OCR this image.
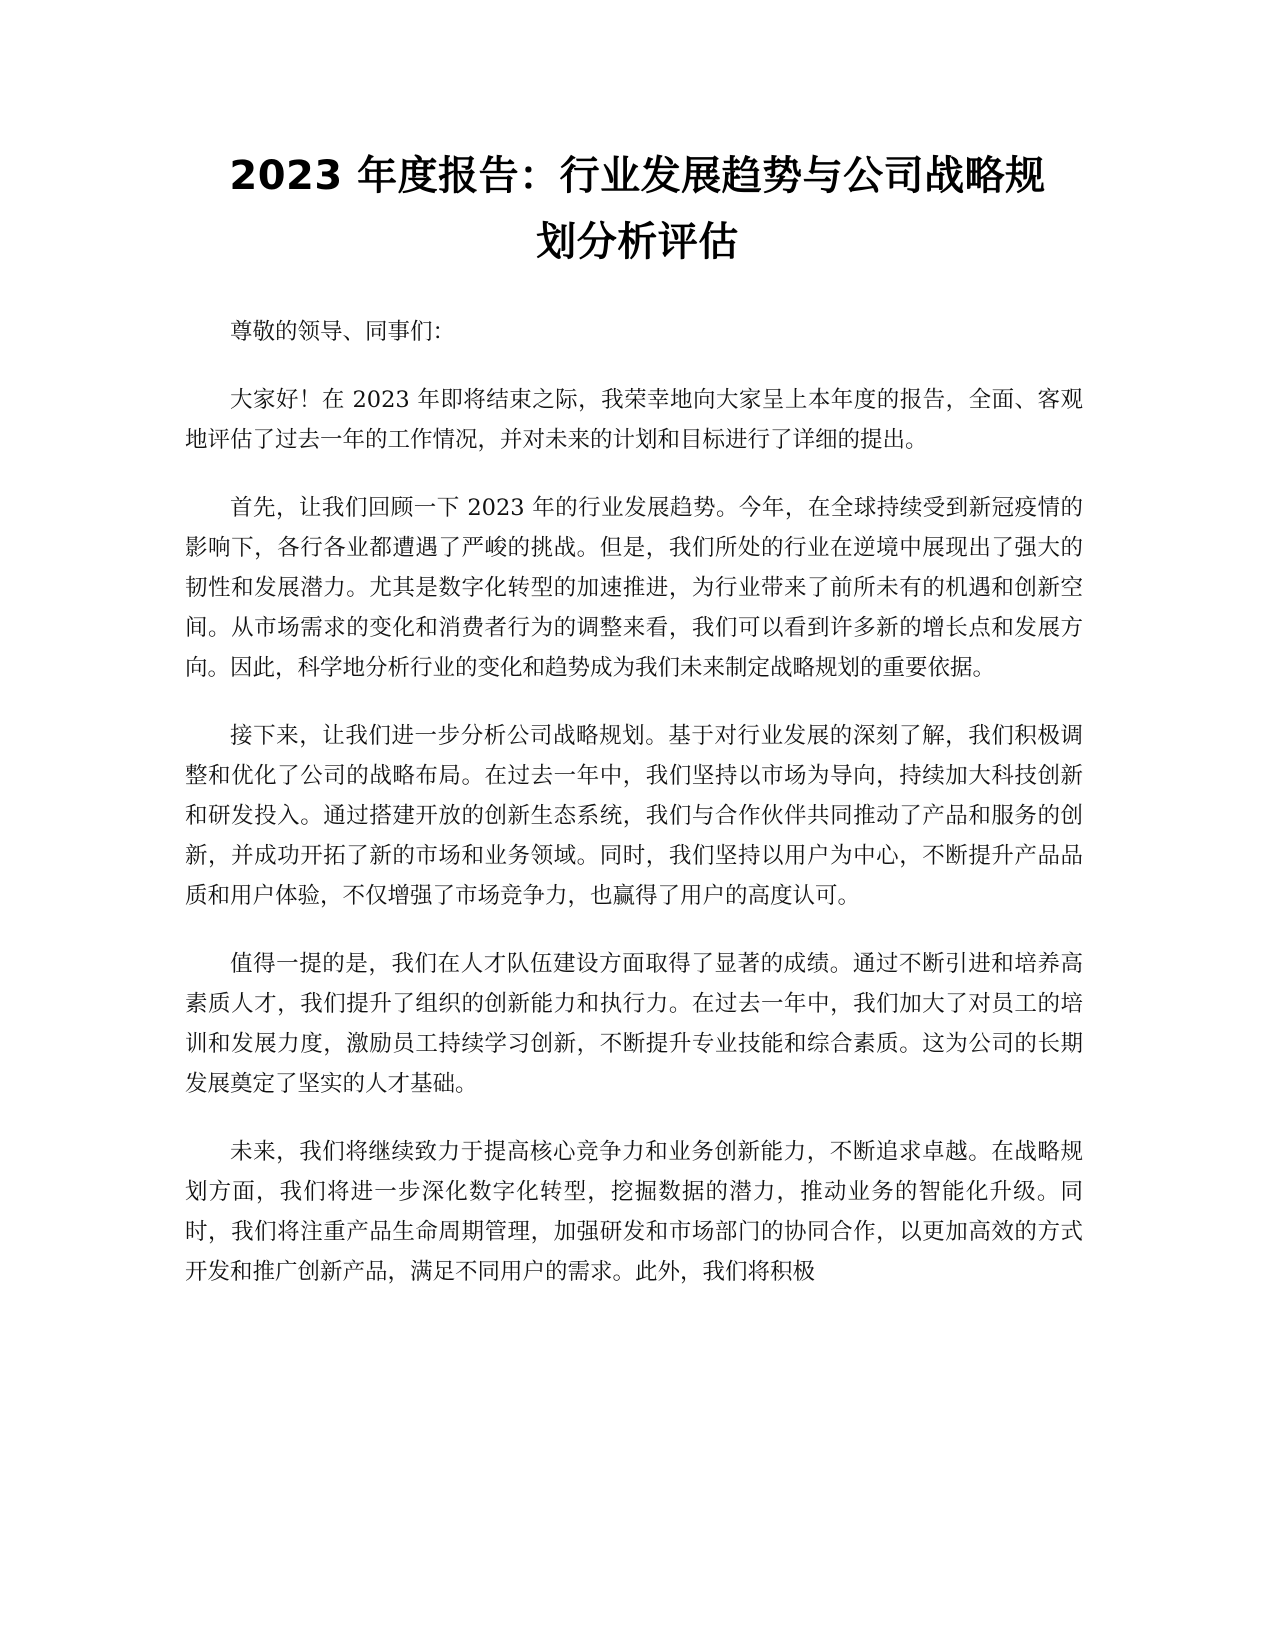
2023 年度报告：行业发展趋势与公司战略规
划分析评估

尊敬的领导、同事们：

大家好！在 2023 年即将结束之际，我荣幸地向大家呈上本年度的报告，全面、客观地评估了过去一年的工作情况，并对未来的计划和目标进行了详细的提出。

首先，让我们回顾一下 2023 年的行业发展趋势。今年，在全球持续受到新冠疫情的影响下，各行各业都遭遇了严峻的挑战。但是，我们所处的行业在逆境中展现出了强大的韧性和发展潜力。尤其是数字化转型的加速推进，为行业带来了前所未有的机遇和创新空间。从市场需求的变化和消费者行为的调整来看，我们可以看到许多新的增长点和发展方向。因此，科学地分析行业的变化和趋势成为我们未来制定战略规划的重要依据。

接下来，让我们进一步分析公司战略规划。基于对行业发展的深刻了解，我们积极调整和优化了公司的战略布局。在过去一年中，我们坚持以市场为导向，持续加大科技创新和研发投入。通过搭建开放的创新生态系统，我们与合作伙伴共同推动了产品和服务的创新，并成功开拓了新的市场和业务领域。同时，我们坚持以用户为中心，不断提升产品品质和用户体验，不仅增强了市场竞争力，也赢得了用户的高度认可。

值得一提的是，我们在人才队伍建设方面取得了显著的成绩。通过不断引进和培养高素质人才，我们提升了组织的创新能力和执行力。在过去一年中，我们加大了对员工的培训和发展力度，激励员工持续学习创新，不断提升专业技能和综合素质。这为公司的长期发展奠定了坚实的人才基础。

未来，我们将继续致力于提高核心竞争力和业务创新能力，不断追求卓越。在战略规划方面，我们将进一步深化数字化转型，挖掘数据的潜力，推动业务的智能化升级。同时，我们将注重产品生命周期管理，加强研发和市场部门的协同合作，以更加高效的方式开发和推广创新产品，满足不同用户的需求。此外，我们将积极
